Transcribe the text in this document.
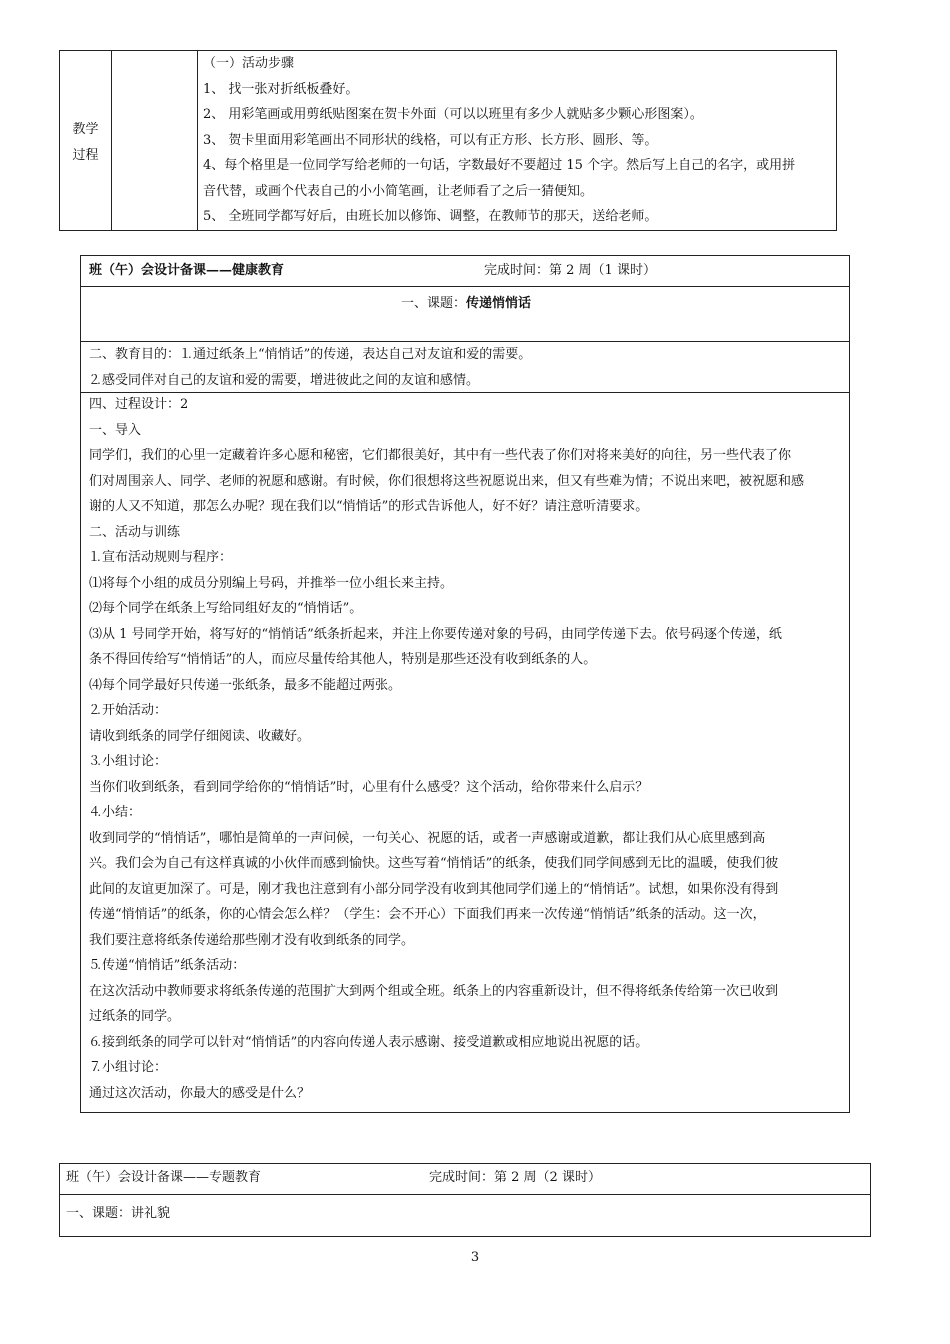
教学
过程
（一）活动步骤
1、 找一张对折纸板叠好。
2、 用彩笔画或用剪纸贴图案在贺卡外面（可以以班里有多少人就贴多少颗心形图案）。
3、 贺卡里面用彩笔画出不同形状的线格，可以有正方形、长方形、圆形、等。
4、每个格里是一位同学写给老师的一句话，字数最好不要超过 15 个字。然后写上自己的名字，或用拼
音代替，或画个代表自己的小小简笔画，让老师看了之后一猜便知。
5、 全班同学都写好后，由班长加以修饰、调整，在教师节的那天，送给老师。
班（午）会设计备课——健康教育	完成时间：第 2 周（1 课时）
一、课题：传递悄悄话
二、教育目的：⒈通过纸条上“悄悄话”的传递，表达自己对友谊和爱的需要。
⒉感受同伴对自己的友谊和爱的需要，增进彼此之间的友谊和感情。
四、过程设计：2
一、导入
同学们，我们的心里一定藏着许多心愿和秘密，它们都很美好，其中有一些代表了你们对将来美好的向往，另一些代表了你
们对周围亲人、同学、老师的祝愿和感谢。有时候，你们很想将这些祝愿说出来，但又有些难为情；不说出来吧，被祝愿和感
谢的人又不知道，那怎么办呢？现在我们以“悄悄话”的形式告诉他人，好不好？请注意听清要求。
二、活动与训练
⒈宣布活动规则与程序：
⑴将每个小组的成员分别编上号码，并推举一位小组长来主持。
⑵每个同学在纸条上写给同组好友的“悄悄话”。
⑶从 1 号同学开始，将写好的“悄悄话”纸条折起来，并注上你要传递对象的号码，由同学传递下去。依号码逐个传递，纸
条不得回传给写“悄悄话”的人，而应尽量传给其他人，特别是那些还没有收到纸条的人。
⑷每个同学最好只传递一张纸条，最多不能超过两张。
⒉开始活动：
请收到纸条的同学仔细阅读、收藏好。
⒊小组讨论：
当你们收到纸条，看到同学给你的“悄悄话”时，心里有什么感受？这个活动，给你带来什么启示？
⒋小结：
收到同学的“悄悄话”，哪怕是简单的一声问候，一句关心、祝愿的话，或者一声感谢或道歉，都让我们从心底里感到高
兴。我们会为自己有这样真诚的小伙伴而感到愉快。这些写着“悄悄话”的纸条，使我们同学间感到无比的温暖，使我们彼
此间的友谊更加深了。可是，刚才我也注意到有小部分同学没有收到其他同学们递上的“悄悄话”。试想，如果你没有得到
传递“悄悄话”的纸条，你的心情会怎么样？（学生：会不开心）下面我们再来一次传递“悄悄话”纸条的活动。这一次，
我们要注意将纸条传递给那些刚才没有收到纸条的同学。
⒌传递“悄悄话”纸条活动：
在这次活动中教师要求将纸条传递的范围扩大到两个组或全班。纸条上的内容重新设计，但不得将纸条传给第一次已收到
过纸条的同学。
⒍接到纸条的同学可以针对“悄悄话”的内容向传递人表示感谢、接受道歉或相应地说出祝愿的话。
⒎小组讨论：
通过这次活动，你最大的感受是什么？
班（午）会设计备课——专题教育	完成时间：第 2 周（2 课时）
一、课题：讲礼貌
3
